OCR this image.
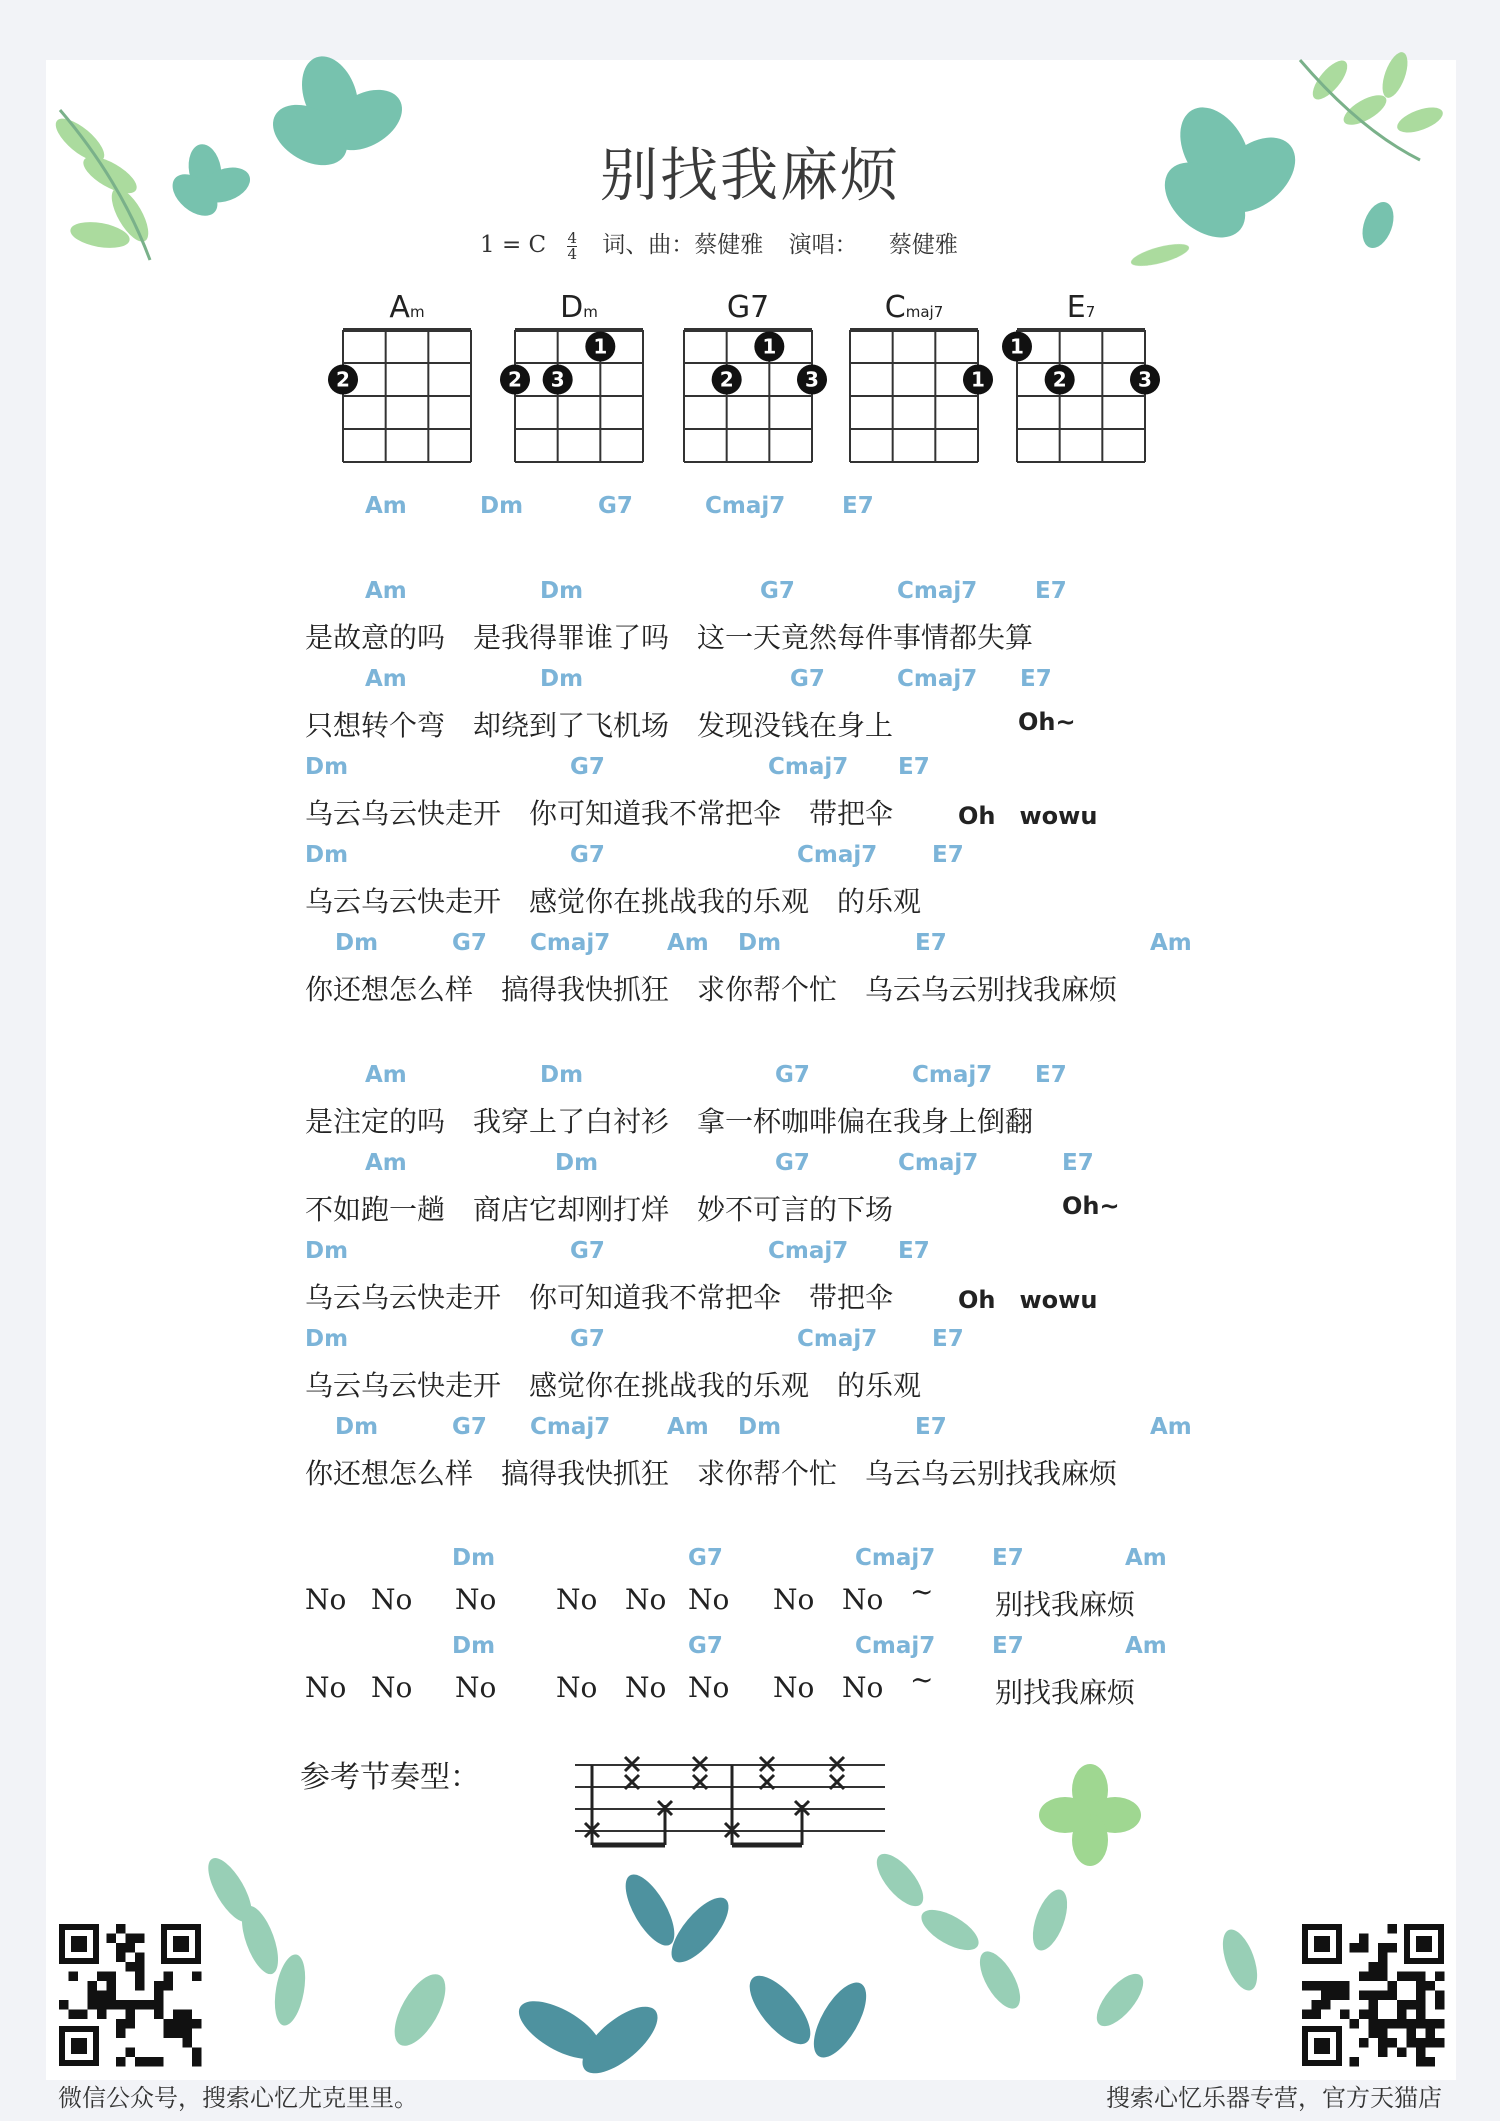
别找我麻烦
1 = C $\frac{4}{4}$ 词、曲：蔡健雅 演唱： 蔡健雅
Am
2
Dm
2 3
1
G7
2
1
3
Cmaj7
1
E7
1
2	3
Am	Dm	G7	Cmaj7 E7
Am	Dm	G7	Cmaj7	E7
是故意的吗　是我得罪谁了吗　这一天竟然每件事情都失算
Am	Dm	G7	Cmaj7 E7
只想转个弯　却绕到了飞机场　发现没钱在身上	Oh~
Dm	G7	Cmaj7 E7
乌云乌云快走开　你可知道我不常把伞　带把伞	Oh　wowu
Dm	G7	Cmaj7 E7
乌云乌云快走开　感觉你在挑战我的乐观　的乐观
Dm	G7 Cmaj7 Am Dm	E7	Am
你还想怎么样　搞得我快抓狂　求你帮个忙　乌云乌云别找我麻烦
Am	Dm	G7	Cmaj7 E7
是注定的吗　我穿上了白衬衫　拿一杯咖啡偏在我身上倒翻
Am	Dm	G7	Cmaj7	E7
不如跑一趟　商店它却刚打烊　妙不可言的下场	Oh~
Dm	G7	Cmaj7 E7
乌云乌云快走开　你可知道我不常把伞　带把伞	Oh　wowu
Dm	G7	Cmaj7 E7
乌云乌云快走开　感觉你在挑战我的乐观　的乐观
Dm	G7 Cmaj7 Am Dm	E7	Am
你还想怎么样　搞得我快抓狂　求你帮个忙　乌云乌云别找我麻烦
Dm	G7	Cmaj7 E7	Am
No No No No No No No No ~ 别找我麻烦
Dm	G7	Cmaj7 E7	Am
No No No No No No No No ~ 别找我麻烦
参考节奏型：
微信公众号，搜索心忆尤克里里。	搜索心忆乐器专营，官方天猫店
